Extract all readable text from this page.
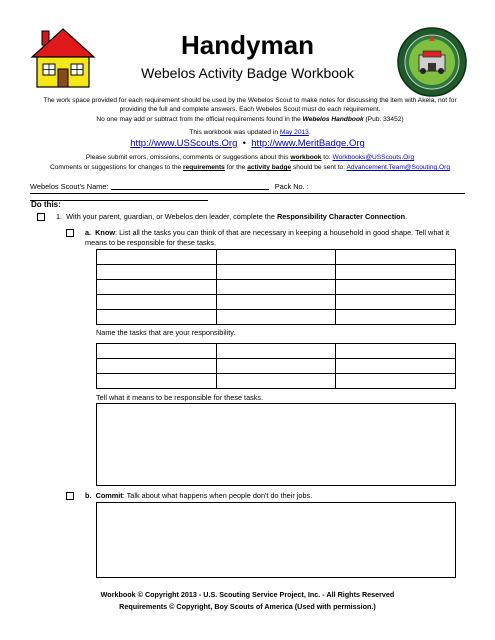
Handyman
Webelos Activity Badge Workbook
The work space provided for each requirement should be used by the Webelos Scout to make notes for discussing the item with Akela, not for providing the full and complete answers. Each Webelos Scout must do each requirement.
No one may add or subtract from the official requirements found in the Webelos Handbook (Pub. 33452)
This workbook was updated in May 2013.
http://www.USScouts.Org • http://www.MeritBadge.Org
Please submit errors, omissions, comments or suggestions about this workbook to: Workbooks@USScouts.Org
Comments or suggestions for changes to the requirements for the activity badge should be sent to: Advancement.Team@Scouting.Org
Webelos Scout's Name:	Pack No. :
Do this:
1. With your parent, guardian, or Webelos den leader, complete the Responsibility Character Connection.
a. Know: List all the tasks you can think of that are necessary in keeping a household in good shape. Tell what it means to be responsible for these tasks.

Name the tasks that are your responsibility.

Tell what it means to be responsible for these tasks.
b. Commit: Talk about what happens when people don't do their jobs.
Workbook © Copyright 2013 - U.S. Scouting Service Project, Inc. - All Rights Reserved
Requirements © Copyright, Boy Scouts of America (Used with permission.)
